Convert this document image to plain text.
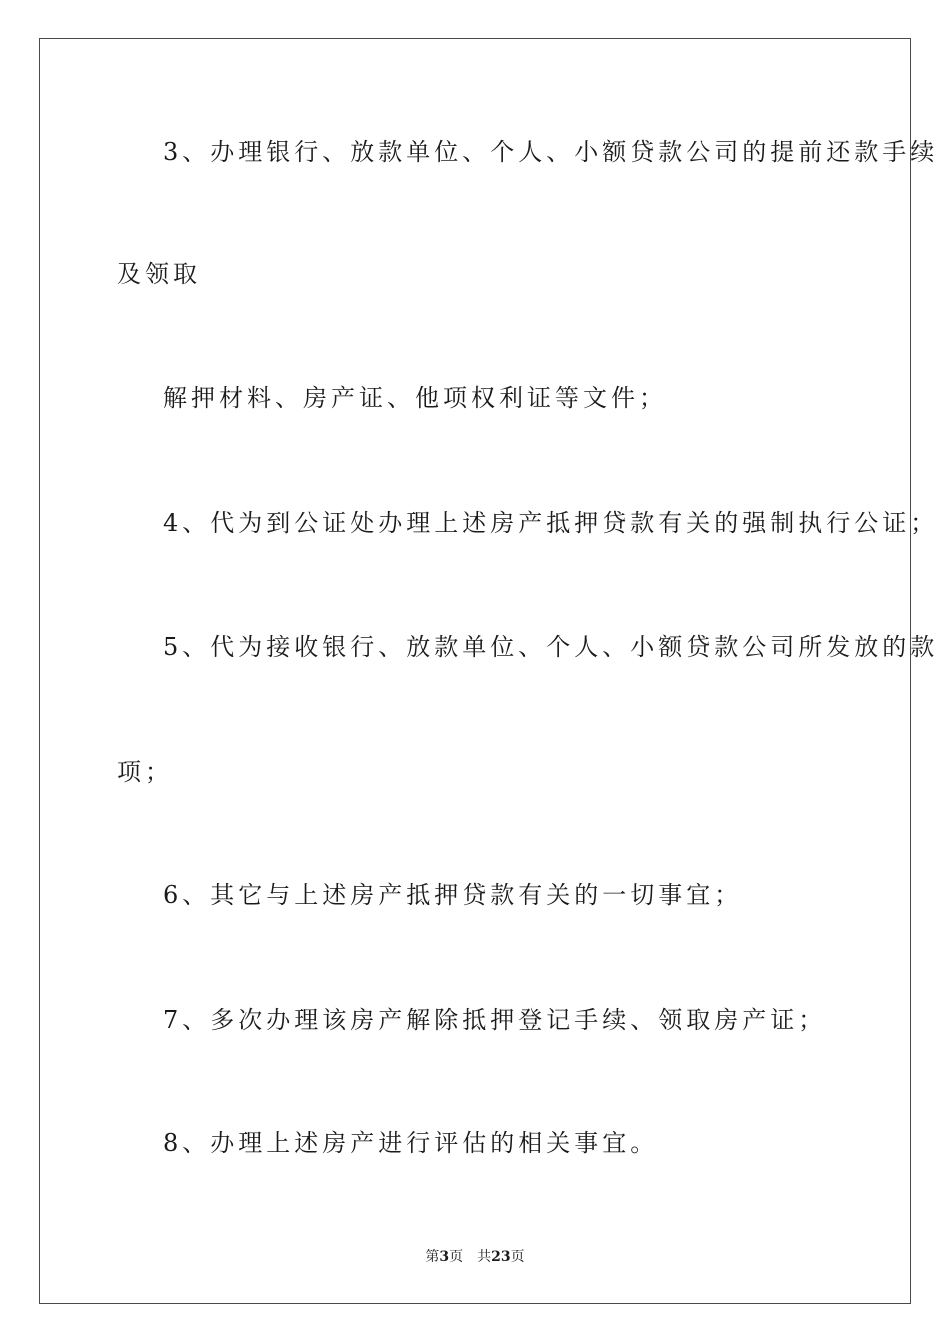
3、办理银行、放款单位、个人、小额贷款公司的提前还款手续
及领取
解押材料、房产证、他项权利证等文件；
4、代为到公证处办理上述房产抵押贷款有关的强制执行公证；
5、代为接收银行、放款单位、个人、小额贷款公司所发放的款
项；
6、其它与上述房产抵押贷款有关的一切事宜；
7、多次办理该房产解除抵押登记手续、领取房产证；
8、办理上述房产进行评估的相关事宜。
第3页 共23页
